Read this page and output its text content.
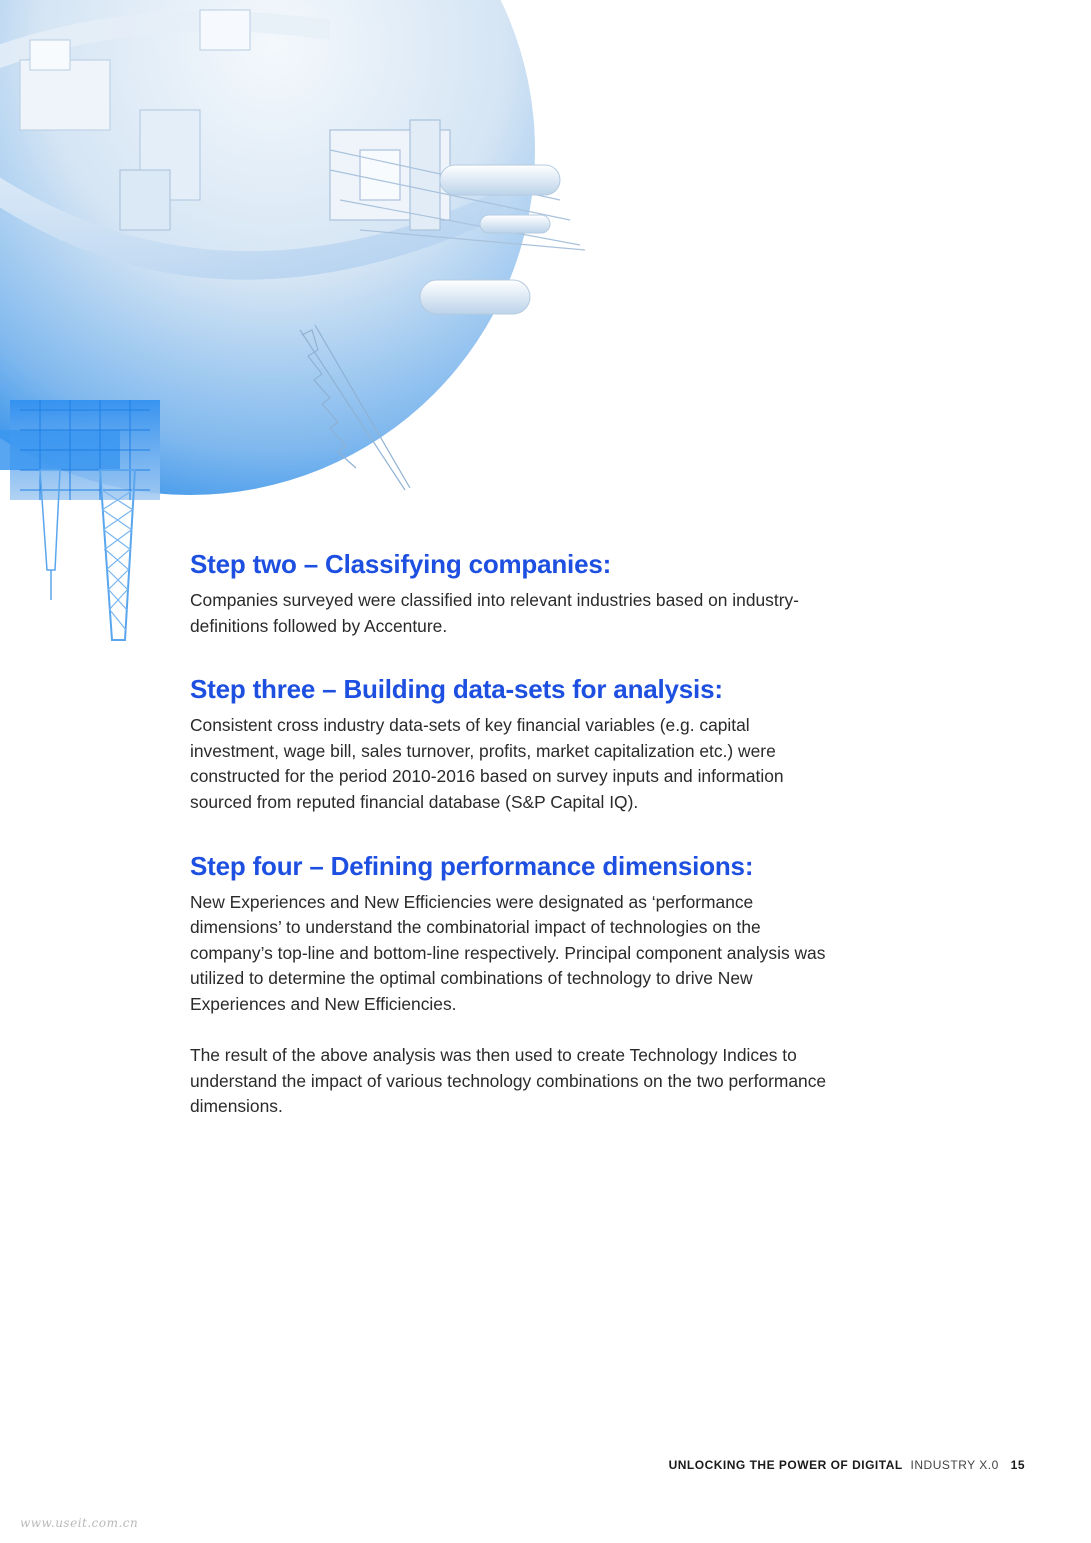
Step two – Classifying companies:

Companies surveyed were classified into relevant industries based on industry-definitions followed by Accenture.

Step three – Building data-sets for analysis:

Consistent cross industry data-sets of key financial variables (e.g. capital investment, wage bill, sales turnover, profits, market capitalization etc.) were constructed for the period 2010-2016 based on survey inputs and information sourced from reputed financial database (S&P Capital IQ).

Step four – Defining performance dimensions:

New Experiences and New Efficiencies were designated as ‘performance dimensions’ to understand the combinatorial impact of technologies on the company’s top-line and bottom-line respectively. Principal component analysis was utilized to determine the optimal combinations of technology to drive New Experiences and New Efficiencies.

The result of the above analysis was then used to create Technology Indices to understand the impact of various technology combinations on the two performance dimensions.

UNLOCKING THE POWER OF DIGITAL INDUSTRY X.0 15
www.useit.com.cn
